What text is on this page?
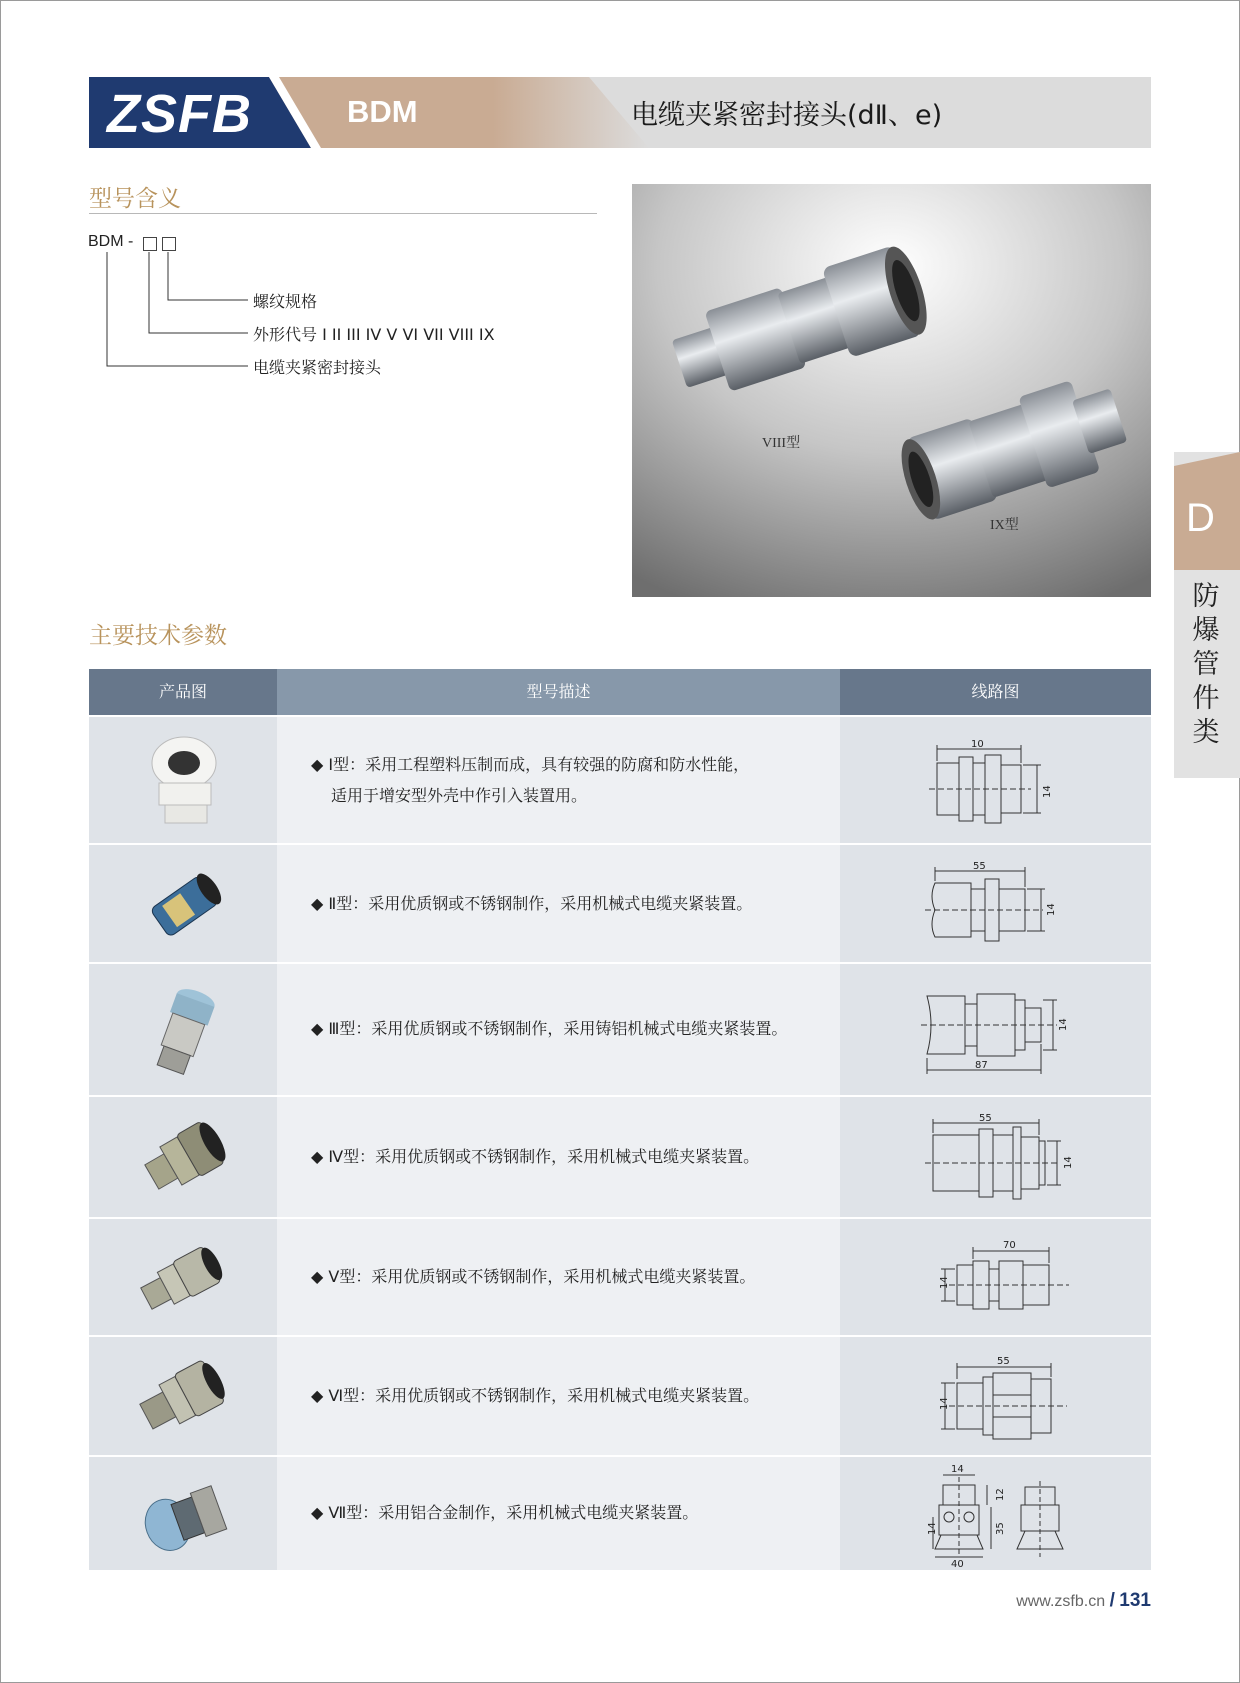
ZSFB	BDM	电缆夹紧密封接头(dⅡ、e)
型号含义
BDM -
螺纹规格
外形代号 I II III IV V VI VII VIII IX
电缆夹紧密封接头
VIII型
IX型	D
防爆管件类
主要技术参数
产品图	型号描述	线路图
◆ Ⅰ型：采用工程塑料压制而成，具有较强的防腐和防水性能，
适用于增安型外壳中作引入装置用。
10
14
◆ Ⅱ型：采用优质钢或不锈钢制作，采用机械式电缆夹紧装置。
55
14
◆ Ⅲ型：采用优质钢或不锈钢制作，采用铸铝机械式电缆夹紧装置。
87
14
◆ Ⅳ型：采用优质钢或不锈钢制作，采用机械式电缆夹紧装置。
55
14
◆ Ⅴ型：采用优质钢或不锈钢制作，采用机械式电缆夹紧装置。
70
14
◆ Ⅵ型：采用优质钢或不锈钢制作，采用机械式电缆夹紧装置。
55
14
◆ Ⅶ型：采用铝合金制作，采用机械式电缆夹紧装置。
14
12
35
40
14
www.zsfb.cn / 131
